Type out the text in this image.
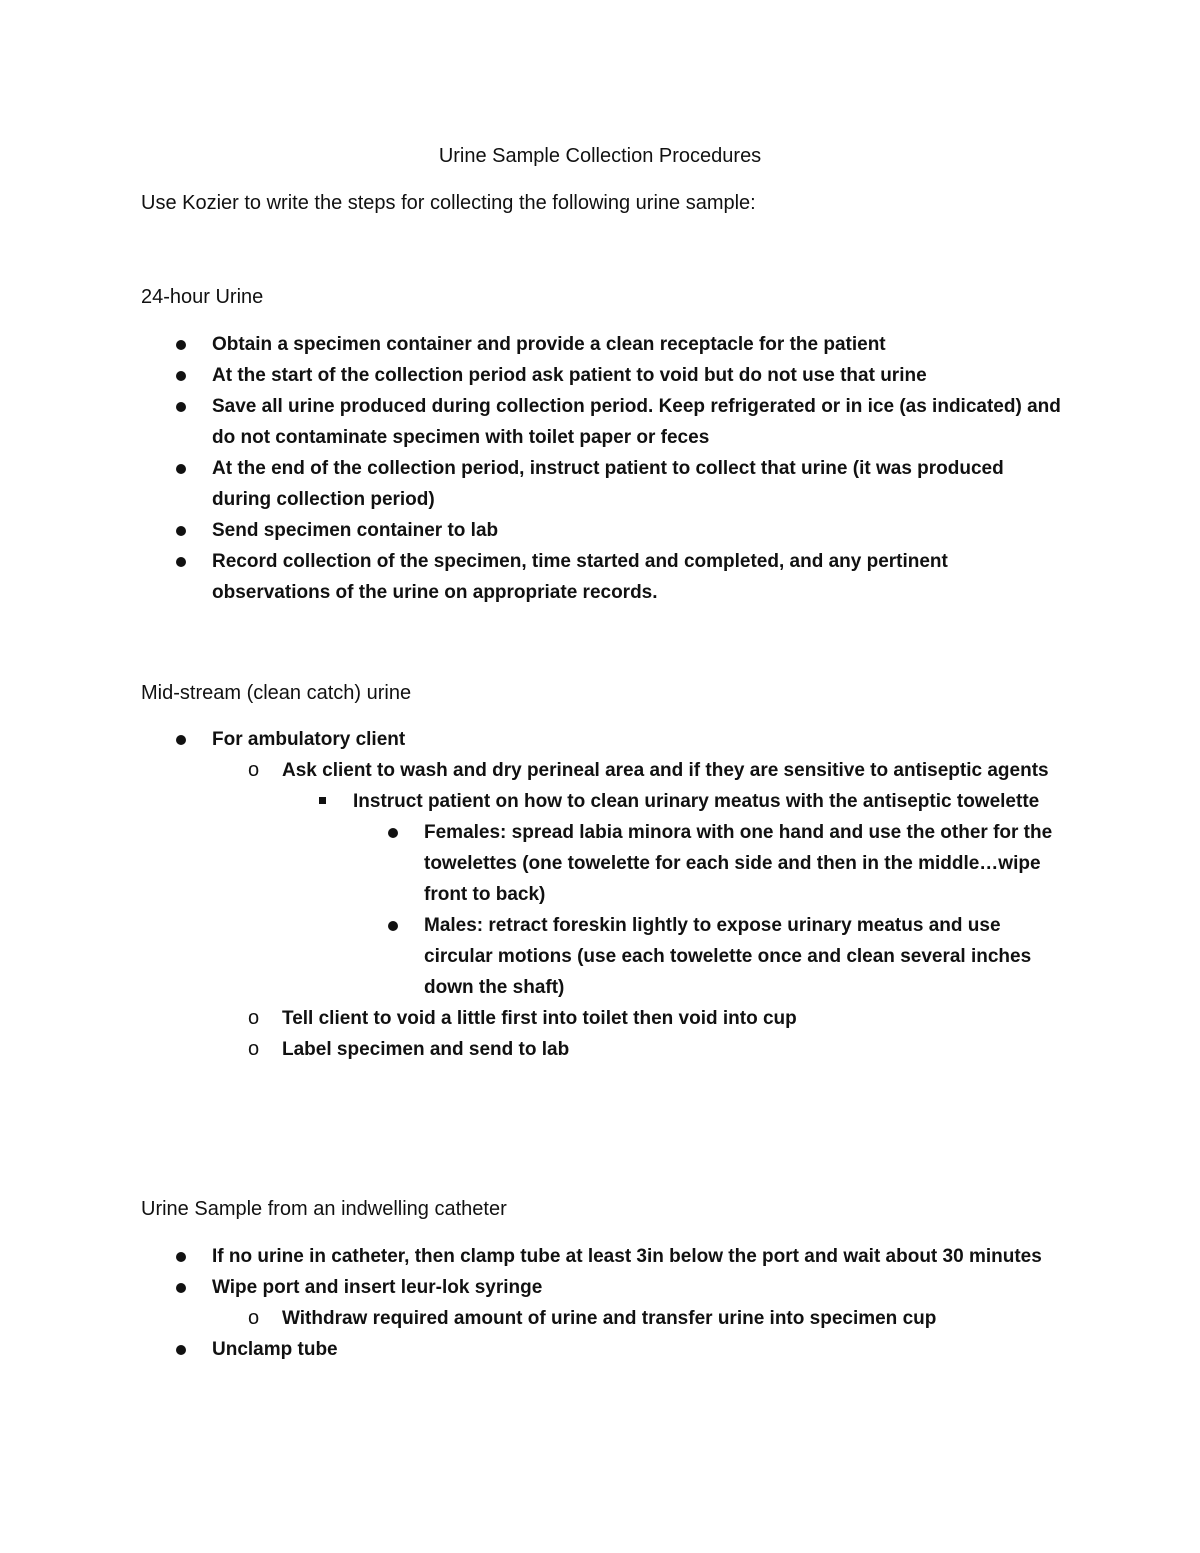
Urine Sample Collection Procedures
Use Kozier to write the steps for collecting the following urine sample:
24-hour Urine
Obtain a specimen container and provide a clean receptacle for the patient
At the start of the collection period ask patient to void but do not use that urine
Save all urine produced during collection period. Keep refrigerated or in ice (as indicated) and do not contaminate specimen with toilet paper or feces
At the end of the collection period, instruct patient to collect that urine (it was produced during collection period)
Send specimen container to lab
Record collection of the specimen, time started and completed, and any pertinent observations of the urine on appropriate records.
Mid-stream (clean catch) urine
For ambulatory client
o Ask client to wash and dry perineal area and if they are sensitive to antiseptic agents
Instruct patient on how to clean urinary meatus with the antiseptic towelette
Females: spread labia minora with one hand and use the other for the towelettes (one towelette for each side and then in the middle…wipe front to back)
Males: retract foreskin lightly to expose urinary meatus and use circular motions (use each towelette once and clean several inches down the shaft)
o Tell client to void a little first into toilet then void into cup
o Label specimen and send to lab
Urine Sample from an indwelling catheter
If no urine in catheter, then clamp tube at least 3in below the port and wait about 30 minutes
Wipe port and insert leur-lok syringe
o Withdraw required amount of urine and transfer urine into specimen cup
Unclamp tube
